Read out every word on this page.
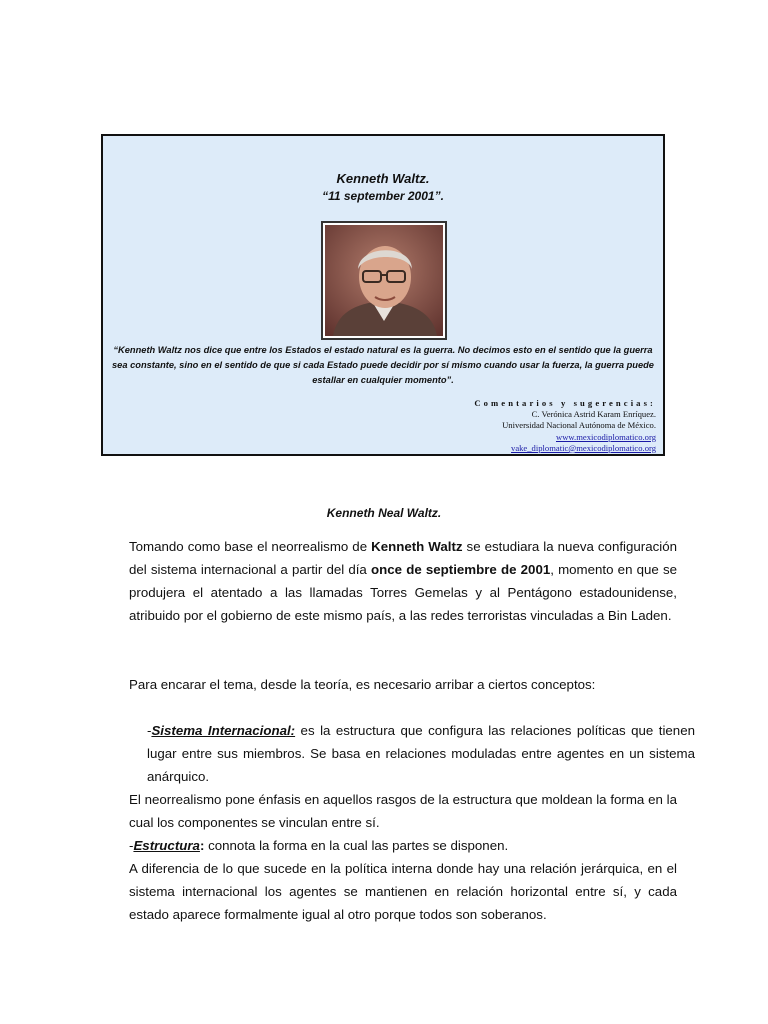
Kenneth Waltz.
“11 september 2001”.
“Kenneth Waltz nos dice que entre los Estados el estado natural es la guerra. No decimos esto en el sentido que la guerra sea constante, sino en el sentido de que si cada Estado puede decidir por sí mismo cuando usar la fuerza, la guerra puede estallar en cualquier momento”.
Comentarios y sugerencias:
C. Verónica Astrid Karam Enríquez.
Universidad Nacional Autónoma de México.
www.mexicodiplomatico.org
vake_diplomatic@mexicodiplomatico.org
Kenneth Neal Waltz.

Tomando como base el neorrealismo de Kenneth Waltz se estudiara la nueva configuración del sistema internacional a partir del día once de septiembre de 2001, momento en que se produjera el atentado a las llamadas Torres Gemelas y al Pentágono estadounidense, atribuido por el gobierno de este mismo país, a las redes terroristas vinculadas a Bin Laden.

Para encarar el tema, desde la teoría, es necesario arribar a ciertos conceptos:

-Sistema Internacional: es la estructura que configura las relaciones políticas que tienen lugar entre sus miembros. Se basa en relaciones moduladas entre agentes en un sistema anárquico.

El neorrealismo pone énfasis en aquellos rasgos de la estructura que moldean la forma en la cual los componentes se vinculan entre sí.

-Estructura: connota la forma en la cual las partes se disponen.

A diferencia de lo que sucede en la política interna donde hay una relación jerárquica, en el sistema internacional los agentes se mantienen en relación horizontal entre sí, y cada estado aparece formalmente igual al otro porque todos son soberanos.
